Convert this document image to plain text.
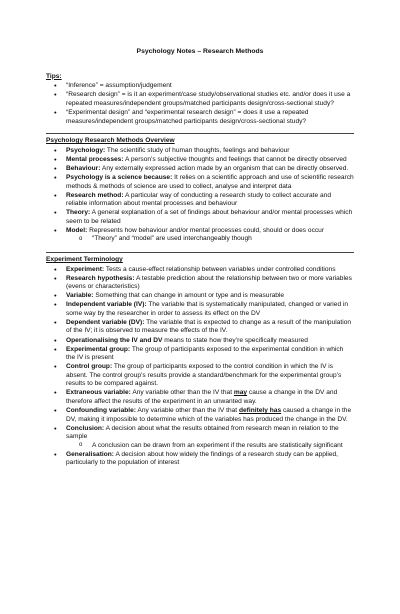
Psychology Notes – Research Methods
Tips:
• “Inference” = assumption/judgement
• “Research design” = is it an experiment/case study/observational studies etc. and/or does it use a repeated measures/independent groups/matched participants design/cross-sectional study?
• “Experimental design” and “experimental research design” = does it use a repeated measures/independent groups/matched participants design/cross-sectional study?
Psychology Research Methods Overview
• Psychology: The scientific study of human thoughts, feelings and behaviour
• Mental processes: A person’s subjective thoughts and feelings that cannot be directly observed
• Behaviour: Any externally expressed action made by an organism that can be directly observed.
• Psychology is a science because: It relies on a scientific approach and use of scientific research methods & methods of science are used to collect, analyse and interpret data
• Research method: A particular way of conducting a research study to collect accurate and reliable information about mental processes and behaviour
• Theory: A general explanation of a set of findings about behaviour and/or mental processes which seem to be related
• Model: Represents how behaviour and/or mental processes could, should or does occur
o “Theory” and “model” are used interchangeably though
Experiment Terminology
• Experiment: Tests a cause-effect relationship between variables under controlled conditions
• Research hypothesis: A testable prediction about the relationship between two or more variables (evens or characteristics)
• Variable: Something that can change in amount or type and is measurable
• Independent variable (IV): The variable that is systematically manipulated, changed or varied in some way by the researcher in order to assess its effect on the DV
• Dependent variable (DV): The variable that is expected to change as a result of the manipulation of the IV; it is observed to measure the effects of the IV.
• Operationalising the IV and DV means to state how they’re specifically measured
• Experimental group: The group of participants exposed to the experimental condition in which the IV is present
• Control group: The group of participants exposed to the control condition in which the IV is absent. The control group’s results provide a standard/benchmark for the experimental group’s results to be compared against.
• Extraneous variable: Any variable other than the IV that may cause a change in the DV and therefore affect the results of the experiment in an unwanted way.
• Confounding variable: Any variable other than the IV that definitely has caused a change in the DV, making it impossible to determine which of the variables has produced the change in the DV.
• Conclusion: A decision about what the results obtained from research mean in relation to the sample
o A conclusion can be drawn from an experiment if the results are statistically significant
• Generalisation: A decision about how widely the findings of a research study can be applied, particularly to the population of interest
